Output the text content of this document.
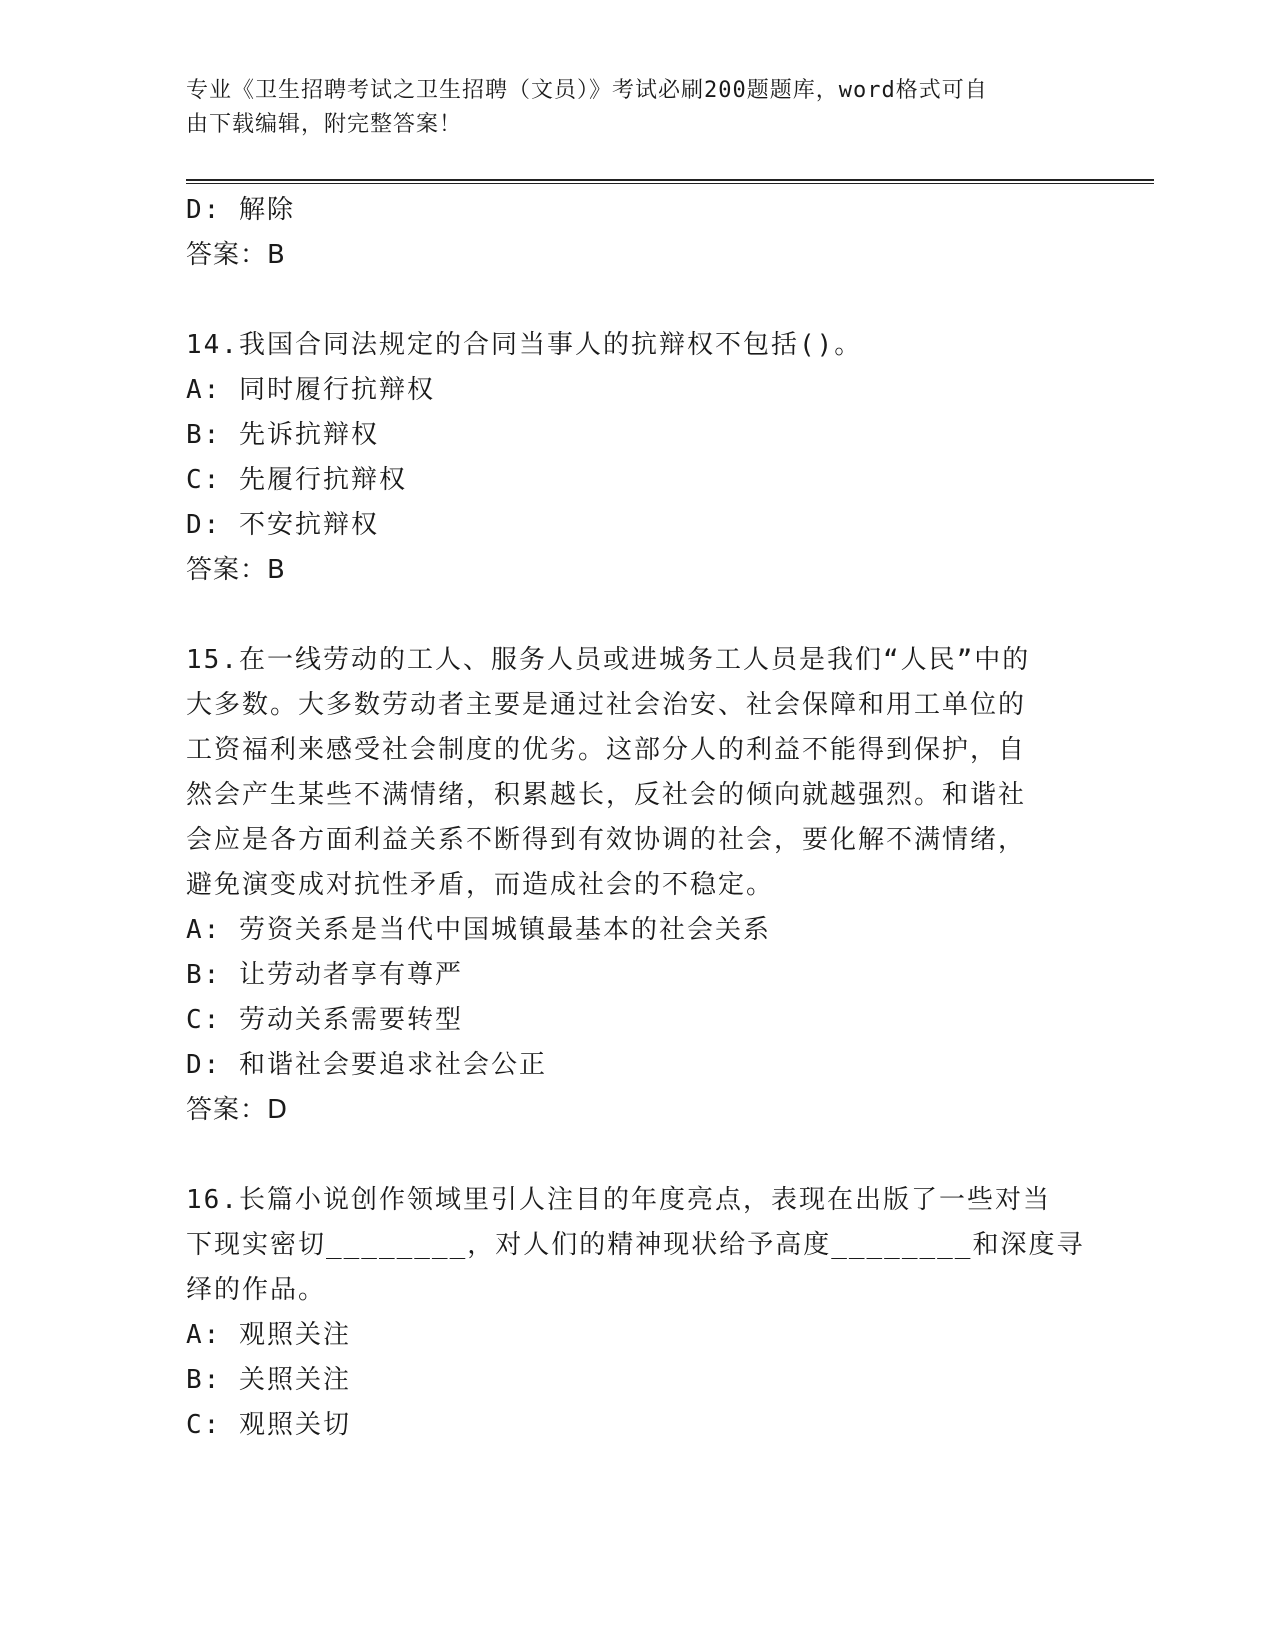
专业《卫生招聘考试之卫生招聘（文员）》考试必刷200题题库，word格式可自
由下载编辑，附完整答案！
D: 解除
答案：B
14.我国合同法规定的合同当事人的抗辩权不包括()。
A: 同时履行抗辩权
B: 先诉抗辩权
C: 先履行抗辩权
D: 不安抗辩权
答案：B
15.在一线劳动的工人、服务人员或进城务工人员是我们“人民”中的
大多数。大多数劳动者主要是通过社会治安、社会保障和用工单位的
工资福利来感受社会制度的优劣。这部分人的利益不能得到保护，自
然会产生某些不满情绪，积累越长，反社会的倾向就越强烈。和谐社
会应是各方面利益关系不断得到有效协调的社会，要化解不满情绪，
避免演变成对抗性矛盾，而造成社会的不稳定。
A: 劳资关系是当代中国城镇最基本的社会关系
B: 让劳动者享有尊严
C: 劳动关系需要转型
D: 和谐社会要追求社会公正
答案：D
16.长篇小说创作领域里引人注目的年度亮点，表现在出版了一些对当
下现实密切________，对人们的精神现状给予高度________和深度寻
绎的作品。
A: 观照关注
B: 关照关注
C: 观照关切
